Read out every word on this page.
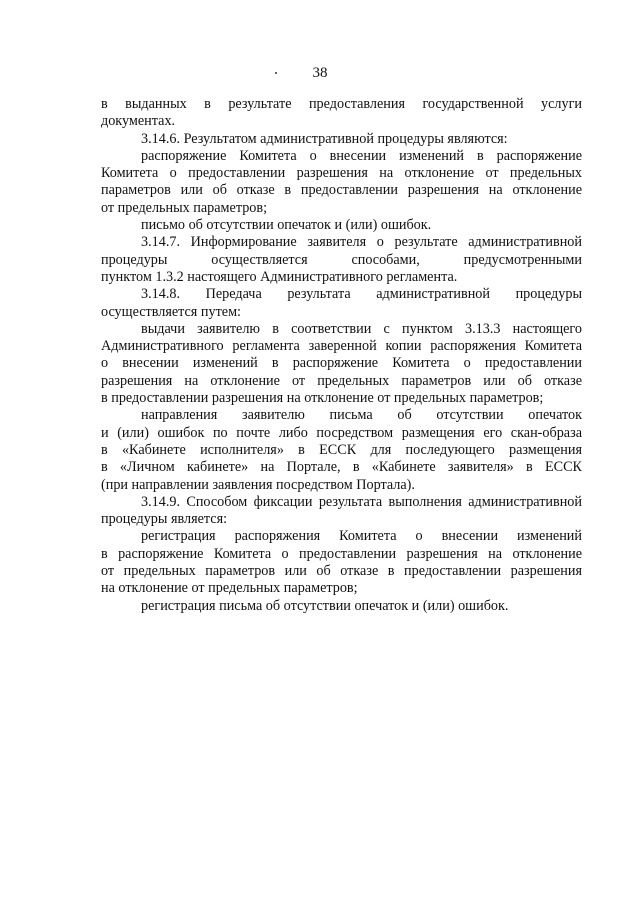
38
в выданных в результате предоставления государственной услуги
документах.
3.14.6. Результатом административной процедуры являются:
распоряжение Комитета о внесении изменений в распоряжение
Комитета о предоставлении разрешения на отклонение от предельных
параметров или об отказе в предоставлении разрешения на отклонение
от предельных параметров;
письмо об отсутствии опечаток и (или) ошибок.
3.14.7. Информирование заявителя о результате административной
процедуры осуществляется способами, предусмотренными
пунктом 1.3.2 настоящего Административного регламента.
3.14.8. Передача результата административной процедуры
осуществляется путем:
выдачи заявителю в соответствии с пунктом 3.13.3 настоящего
Административного регламента заверенной копии распоряжения Комитета
о внесении изменений в распоряжение Комитета о предоставлении
разрешения на отклонение от предельных параметров или об отказе
в предоставлении разрешения на отклонение от предельных параметров;
направления заявителю письма об отсутствии опечаток
и (или) ошибок по почте либо посредством размещения его скан-образа
в «Кабинете исполнителя» в ЕССК для последующего размещения
в «Личном кабинете» на Портале, в «Кабинете заявителя» в ЕССК
(при направлении заявления посредством Портала).
3.14.9. Способом фиксации результата выполнения административной
процедуры является:
регистрация распоряжения Комитета о внесении изменений
в распоряжение Комитета о предоставлении разрешения на отклонение
от предельных параметров или об отказе в предоставлении разрешения
на отклонение от предельных параметров;
регистрация письма об отсутствии опечаток и (или) ошибок.
